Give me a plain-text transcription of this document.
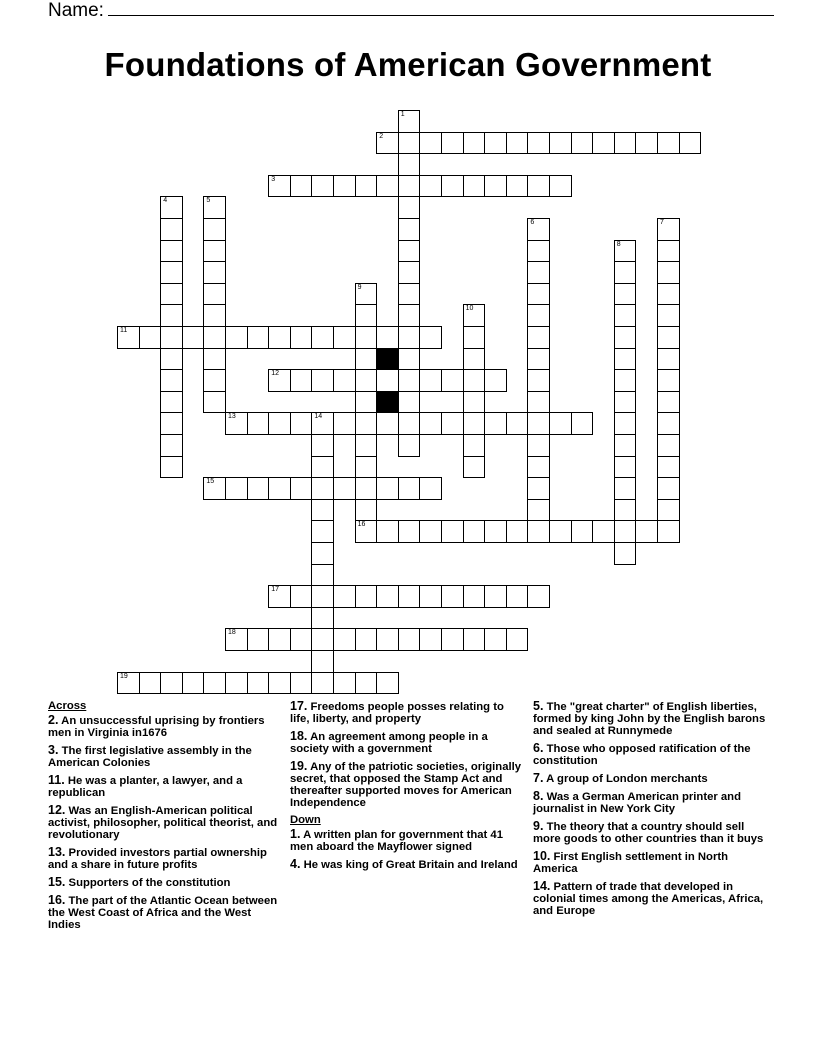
Name:
Foundations of American Government
1
2
3
4	5
6	7
8
9
10
11
12
13	14
15
16
17
18
19
Across
2. An unsuccessful uprising by frontiers men in Virginia in1676
3. The first legislative assembly in the American Colonies
11. He was a planter, a lawyer, and a republican
12. Was an English-American political activist, philosopher, political theorist, and revolutionary
13. Provided investors partial ownership and a share in future profits
15. Supporters of the constitution
16. The part of the Atlantic Ocean between the West Coast of Africa and the West Indies
17. Freedoms people posses relating to life, liberty, and property
18. An agreement among people in a society with a government
19. Any of the patriotic societies, originally secret, that opposed the Stamp Act and thereafter supported moves for American Independence
Down
1. A written plan for government that 41 men aboard the Mayflower signed
4. He was king of Great Britain and Ireland
5. The "great charter" of English liberties, formed by king John by the English barons and sealed at Runnymede
6. Those who opposed ratification of the constitution
7. A group of London merchants
8. Was a German American printer and journalist in New York City
9. The theory that a country should sell more goods to other countries than it buys
10. First English settlement in North America
14. Pattern of trade that developed in colonial times among the Americas, Africa, and Europe
